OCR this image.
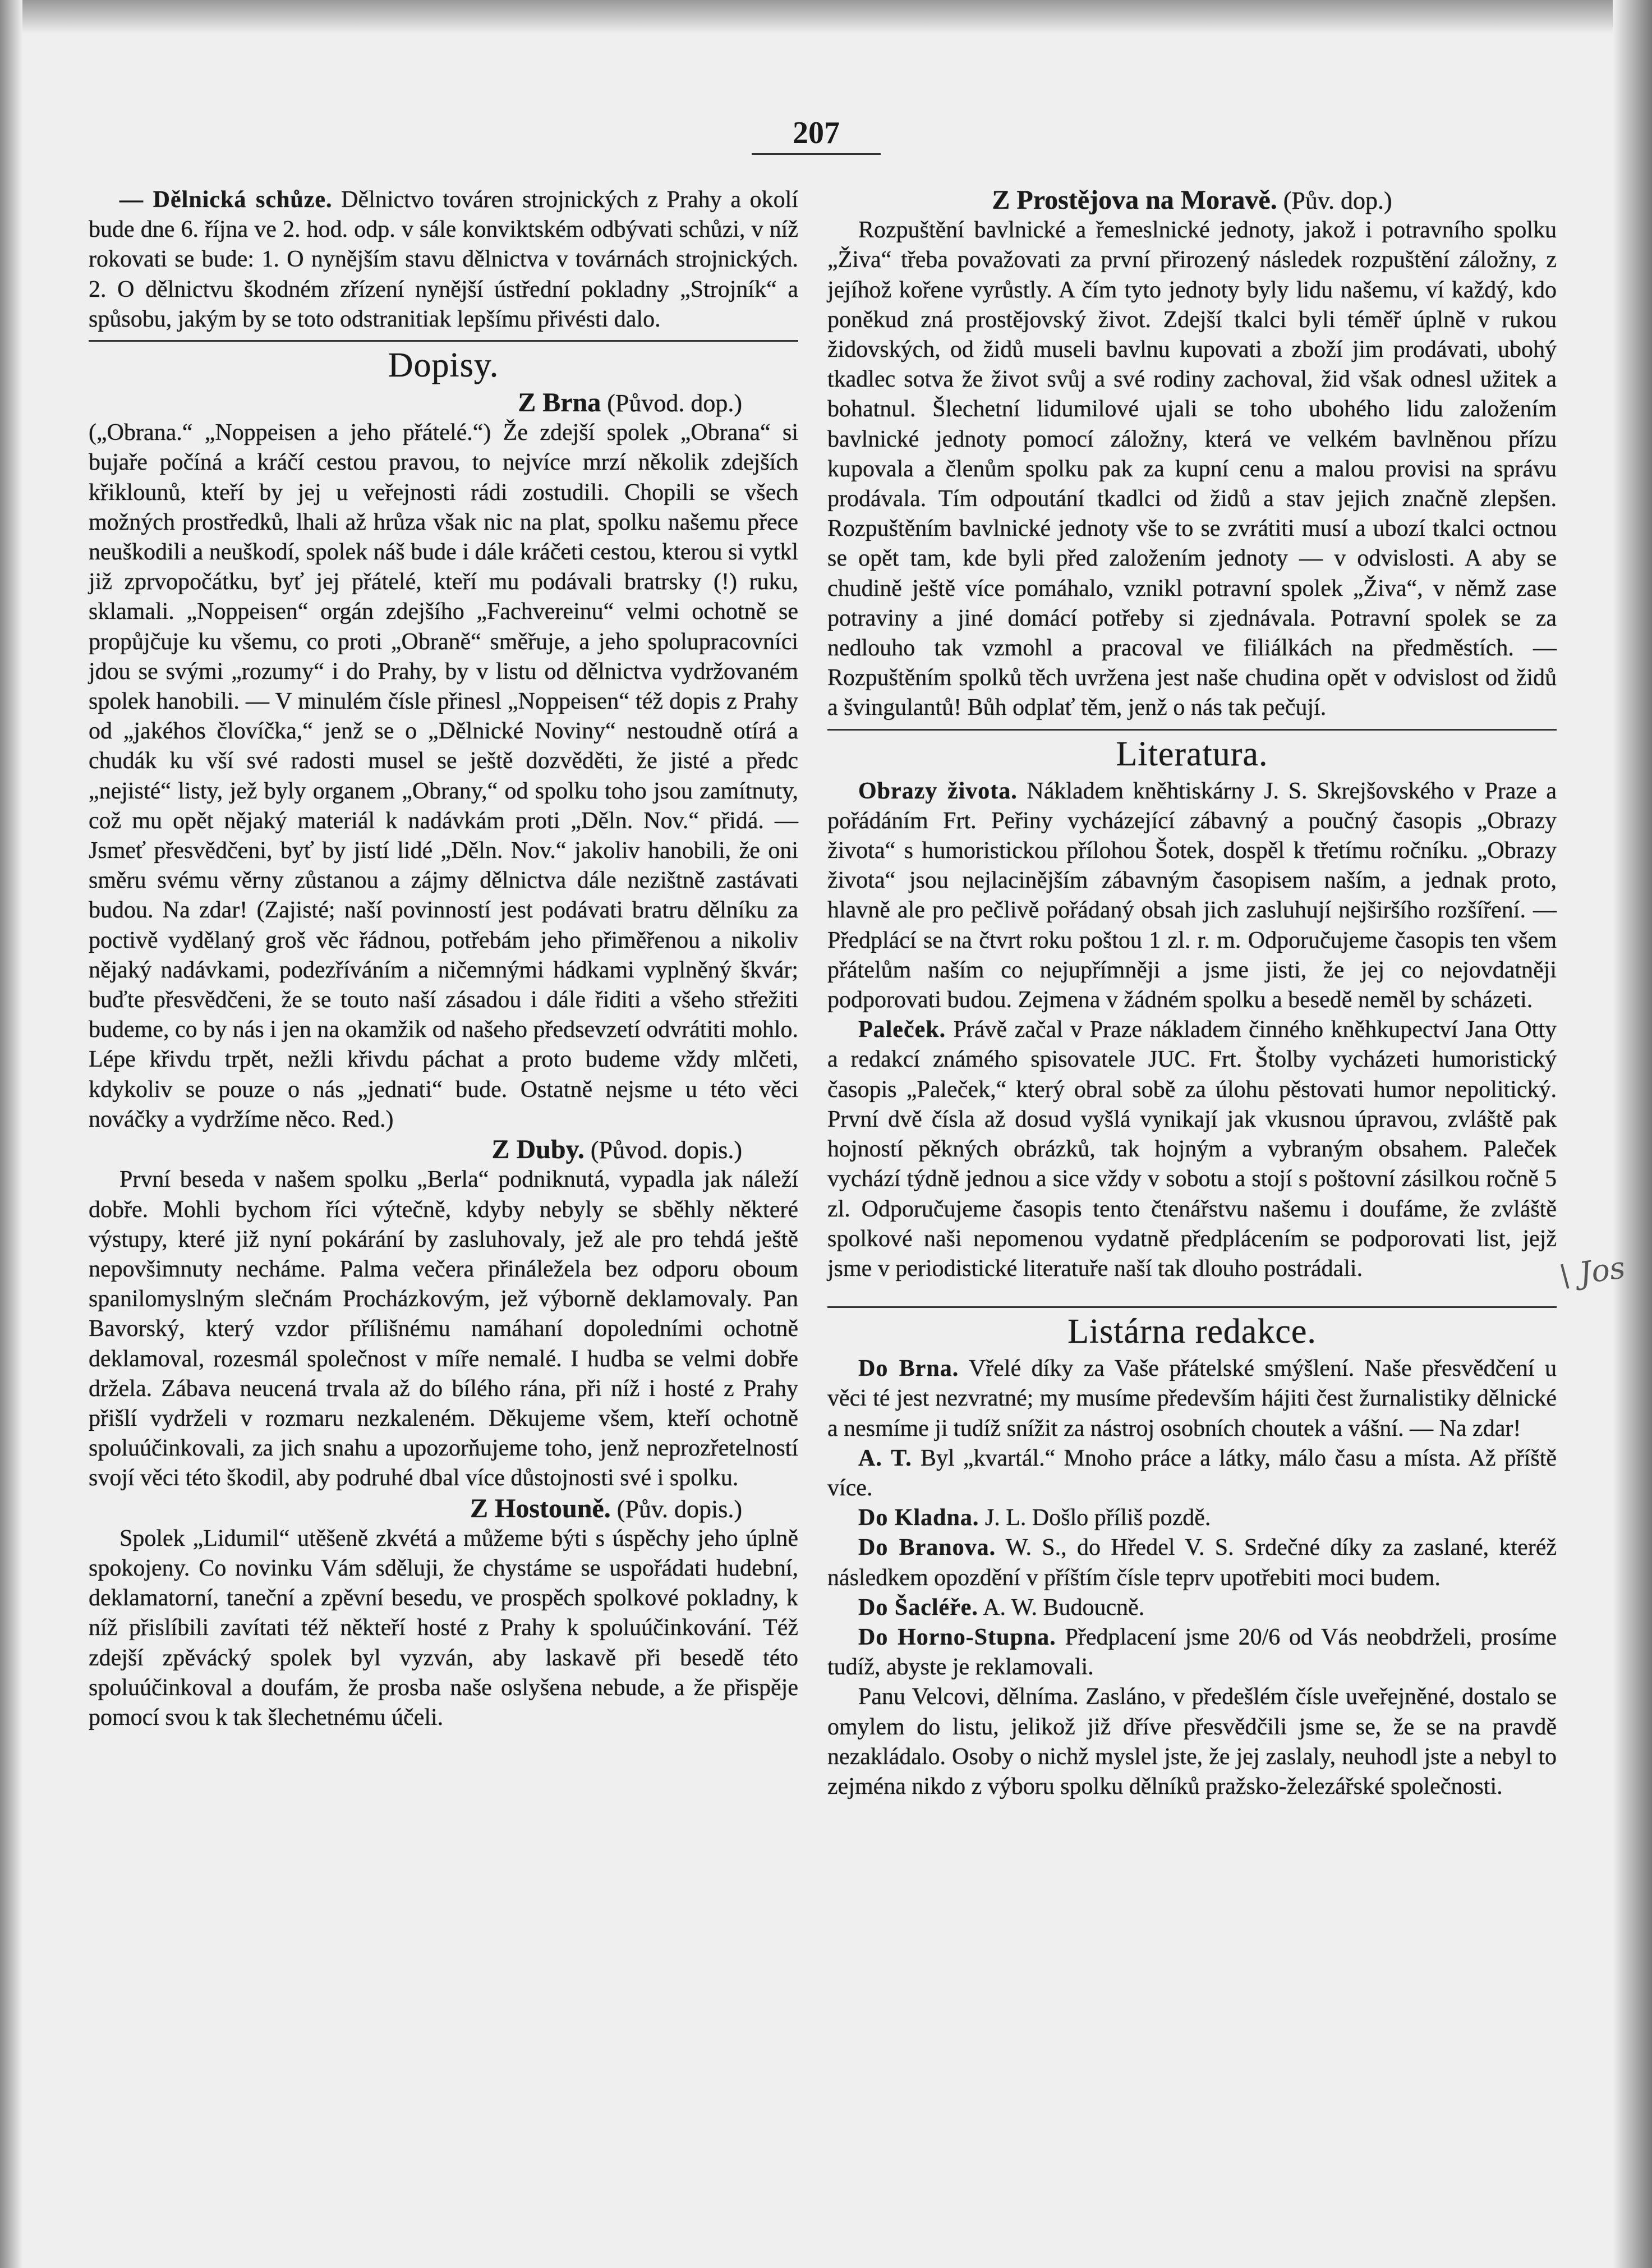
207

— Dělnická schůze. Dělnictvo továren strojnických z Prahy a okolí bude dne 6. října ve 2. hod. odp. v sále konviktském odbývati schůzi, v níž rokovati se bude: 1. O nynějším stavu dělnictva v továrnách strojnických. 2. O dělnictvu škodném zřízení nynější ústřední pokladny „Strojník“ a spůsobu, jakým by se toto odstranitiak lepšímu přivésti dalo.

Dopisy.
Z Brna (Původ. dop.)

(„Obrana.“ „Noppeisen a jeho přátelé.“) Že zdejší spolek „Obrana“ si bujaře počíná a kráčí cestou pravou, to nejvíce mrzí několik zdejších křiklounů, kteří by jej u veřejnosti rádi zostudili. Chopili se všech možných prostředků, lhali až hrůza však nic na plat, spolku našemu přece neuškodili a neuškodí, spolek náš bude i dále kráčeti cestou, kterou si vytkl již zprvopočátku, byť jej přátelé, kteří mu podávali bratrsky (!) ruku, sklamali. „Noppeisen“ orgán zdejšího „Fachvereinu“ velmi ochotně se propůjčuje ku všemu, co proti „Obraně“ směřuje, a jeho spolupracovníci jdou se svými „rozumy“ i do Prahy, by v listu od dělnictva vydržovaném spolek hanobili. — V minulém čísle přinesl „Noppeisen“ též dopis z Prahy od „jakéhos človíčka,“ jenž se o „Dělnické Noviny“ nestoudně otírá a chudák ku vší své radosti musel se ještě dozvěděti, že jisté a předc „nejisté“ listy, jež byly organem „Obrany,“ od spolku toho jsou zamítnuty, což mu opět nějaký materiál k nadávkám proti „Děln. Nov.“ přidá. — Jsmeť přesvědčeni, byť by jistí lidé „Děln. Nov.“ jakoliv hanobili, že oni směru svému věrny zůstanou a zájmy dělnictva dále nezištně zastávati budou. Na zdar! (Zajisté; naší povinností jest podávati bratru dělníku za poctivě vydělaný groš věc řádnou, potřebám jeho přiměřenou a nikoliv nějaký nadávkami, podezříváním a ničemnými hádkami vyplněný škvár; buďte přesvědčeni, že se touto naší zásadou i dále řiditi a všeho střežiti budeme, co by nás i jen na okamžik od našeho předsevzetí odvrátiti mohlo. Lépe křivdu trpět, nežli křivdu páchat a proto budeme vždy mlčeti, kdykoliv se pouze o nás „jednati“ bude. Ostatně nejsme u této věci nováčky a vydržíme něco. Red.)

Z Duby. (Původ. dopis.)

První beseda v našem spolku „Berla“ podniknutá, vypadla jak náleží dobře. Mohli bychom říci výtečně, kdyby nebyly se sběhly některé výstupy, které již nyní pokárání by zasluhovaly, jež ale pro tehdá ještě nepovšimnuty necháme. Palma večera přináležela bez odporu oboum spanilomyslným slečnám Procházkovým, jež výborně deklamovaly. Pan Bavorský, který vzdor přílišnému namáhaní dopoledními ochotně deklamoval, rozesmál společnost v míře nemalé. I hudba se velmi dobře držela. Zábava neucená trvala až do bílého rána, při níž i hosté z Prahy přišlí vydrželi v rozmaru nezkaleném. Děkujeme všem, kteří ochotně spoluúčinkovali, za jich snahu a upozorňujeme toho, jenž neprozřetelností svojí věci této škodil, aby podruhé dbal více důstojnosti své i spolku.

Z Hostouně. (Pův. dopis.)

Spolek „Lidumil“ utěšeně zkvétá a můžeme býti s úspěchy jeho úplně spokojeny. Co novinku Vám sděluji, že chystáme se uspořádati hudební, deklamatorní, taneční a zpěvní besedu, ve prospěch spolkové pokladny, k níž přislíbili zavítati též někteří hosté z Prahy k spoluúčinkování. Též zdejší zpěvácký spolek byl vyzván, aby laskavě při besedě této spoluúčinkoval a doufám, že prosba naše oslyšena nebude, a že přispěje pomocí svou k tak šlechetnému účeli.

Z Prostějova na Moravě. (Pův. dop.)

Rozpuštění bavlnické a řemeslnické jednoty, jakož i potravního spolku „Živa“ třeba považovati za první přirozený následek rozpuštění záložny, z jejíhož kořene vyrůstly. A čím tyto jednoty byly lidu našemu, ví každý, kdo poněkud zná prostějovský život. Zdejší tkalci byli téměř úplně v rukou židovských, od židů museli bavlnu kupovati a zboží jim prodávati, ubohý tkadlec sotva že život svůj a své rodiny zachoval, žid však odnesl užitek a bohatnul. Šlechetní lidumilové ujali se toho ubohého lidu založením bavlnické jednoty pomocí záložny, která ve velkém bavlněnou přízu kupovala a členům spolku pak za kupní cenu a malou provisi na správu prodávala. Tím odpoutání tkadlci od židů a stav jejich značně zlepšen. Rozpuštěním bavlnické jednoty vše to se zvrátiti musí a ubozí tkalci octnou se opět tam, kde byli před založením jednoty — v odvislosti. A aby se chudině ještě více pomáhalo, vznikl potravní spolek „Živa“, v němž zase potraviny a jiné domácí potřeby si zjednávala. Potravní spolek se za nedlouho tak vzmohl a pracoval ve filiálkách na předměstích. — Rozpuštěním spolků těch uvržena jest naše chudina opět v odvislost od židů a švingulantů! Bůh odplať těm, jenž o nás tak pečují.

Literatura.

Obrazy života. Nákladem kněhtiskárny J. S. Skrejšovského v Praze a pořádáním Frt. Peřiny vycházející zábavný a poučný časopis „Obrazy života“ s humoristickou přílohou Šotek, dospěl k třetímu ročníku. „Obrazy života“ jsou nejlacinějším zábavným časopisem naším, a jednak proto, hlavně ale pro pečlivě pořádaný obsah jich zasluhují nejširšího rozšíření. — Předplácí se na čtvrt roku poštou 1 zl. r. m. Odporučujeme časopis ten všem přátelům naším co nejupřímněji a jsme jisti, že jej co nejovdatněji podporovati budou. Zejmena v žádném spolku a besedě neměl by scházeti.

Paleček. Právě začal v Praze nákladem činného kněhkupectví Jana Otty a redakcí známého spisovatele JUC. Frt. Štolby vycházeti humoristický časopis „Paleček,“ který obral sobě za úlohu pěstovati humor nepolitický. První dvě čísla až dosud vyšlá vynikají jak vkusnou úpravou, zvláště pak hojností pěkných obrázků, tak hojným a vybraným obsahem. Paleček vychází týdně jednou a sice vždy v sobotu a stojí s poštovní zásilkou ročně 5 zl. Odporučujeme časopis tento čtenářstvu našemu i doufáme, že zvláště spolkové naši nepomenou vydatně předplácením se podporovati list, jejž jsme v periodistické literatuře naší tak dlouho postrádali.

Listárna redakce.

Do Brna. Vřelé díky za Vaše přátelské smýšlení. Naše přesvědčení u věci té jest nezvratné; my musíme především hájiti čest žurnalistiky dělnické a nesmíme ji tudíž snížit za nástroj osobních choutek a vášní. — Na zdar!

A. T. Byl „kvartál.“ Mnoho práce a látky, málo času a místa. Až příště více.

Do Kladna. J. L. Došlo příliš pozdě.

Do Branova. W. S., do Hředel V. S. Srdečné díky za zaslané, kteréž následkem opozdění v příštím čísle teprv upotřebiti moci budem.

Do Šacléře. A. W. Budoucně.

Do Horno-Stupna. Předplacení jsme 20/6 od Vás neobdrželi, prosíme tudíž, abyste je reklamovali.

Panu Velcovi, dělníma. Zasláno, v předešlém čísle uveřejněné, dostalo se omylem do listu, jelikož již dříve přesvědčili jsme se, že se na pravdě nezakládalo. Osoby o nichž myslel jste, že jej zaslaly, neuhodl jste a nebyl to zejména nikdo z výboru spolku dělníků pražsko-železářské společnosti.

\ Jos
